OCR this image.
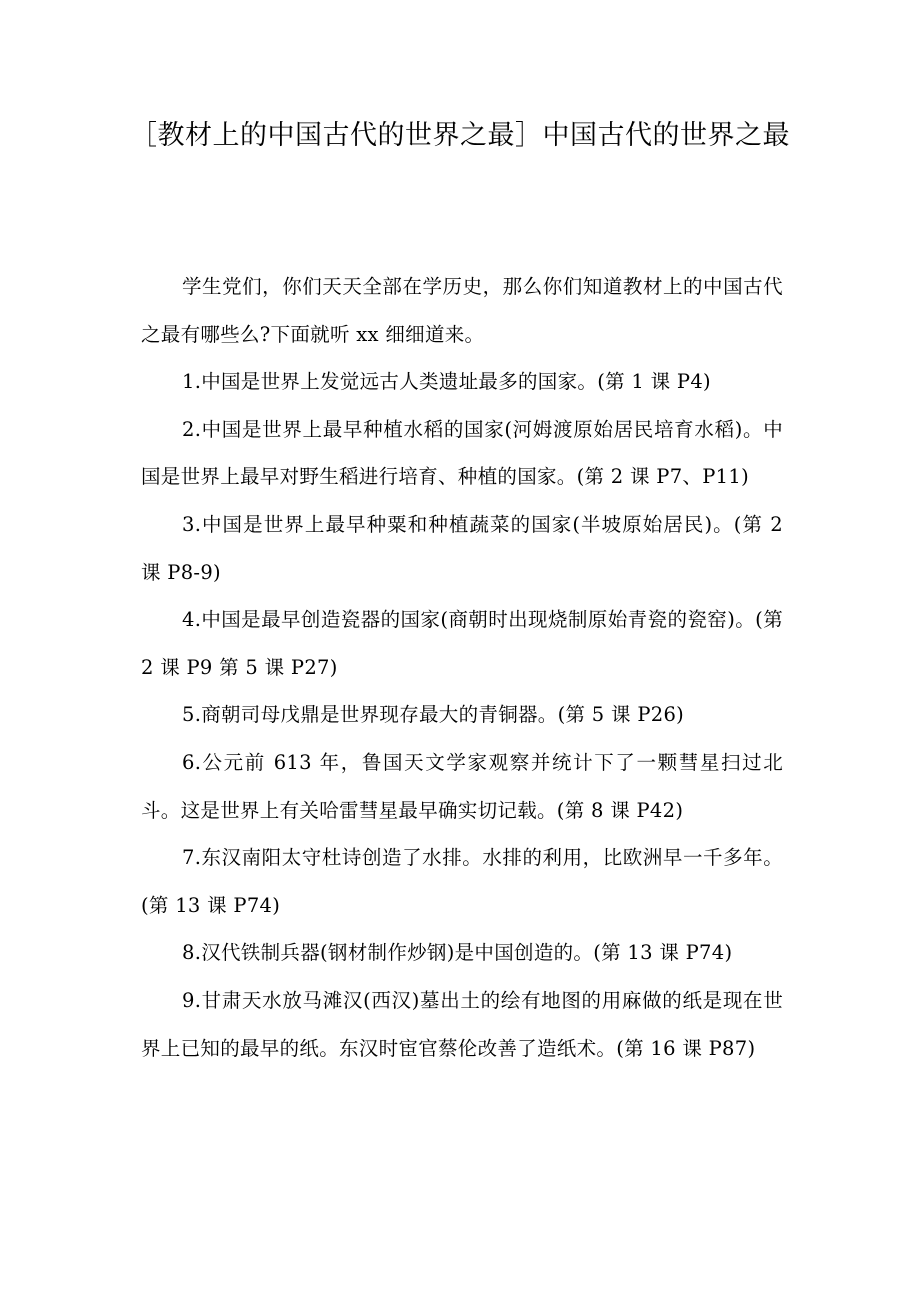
［教材上的中国古代的世界之最］中国古代的世界之最

学生党们，你们天天全部在学历史，那么你们知道教材上的中国古代之最有哪些么?下面就听 xx 细细道来。

1.中国是世界上发觉远古人类遗址最多的国家。(第 1 课 P4)

2.中国是世界上最早种植水稻的国家(河姆渡原始居民培育水稻)。中国是世界上最早对野生稻进行培育、种植的国家。(第 2 课 P7、P11)

3.中国是世界上最早种粟和种植蔬菜的国家(半坡原始居民)。(第 2 课 P8-9)

4.中国是最早创造瓷器的国家(商朝时出现烧制原始青瓷的瓷窑)。(第 2 课 P9 第 5 课 P27)

5.商朝司母戊鼎是世界现存最大的青铜器。(第 5 课 P26)

6.公元前 613 年，鲁国天文学家观察并统计下了一颗彗星扫过北斗。这是世界上有关哈雷彗星最早确实切记载。(第 8 课 P42)

7.东汉南阳太守杜诗创造了水排。水排的利用，比欧洲早一千多年。(第 13 课 P74)

8.汉代铁制兵器(钢材制作炒钢)是中国创造的。(第 13 课 P74)

9.甘肃天水放马滩汉(西汉)墓出土的绘有地图的用麻做的纸是现在世界上已知的最早的纸。东汉时宦官蔡伦改善了造纸术。(第 16 课 P87)
